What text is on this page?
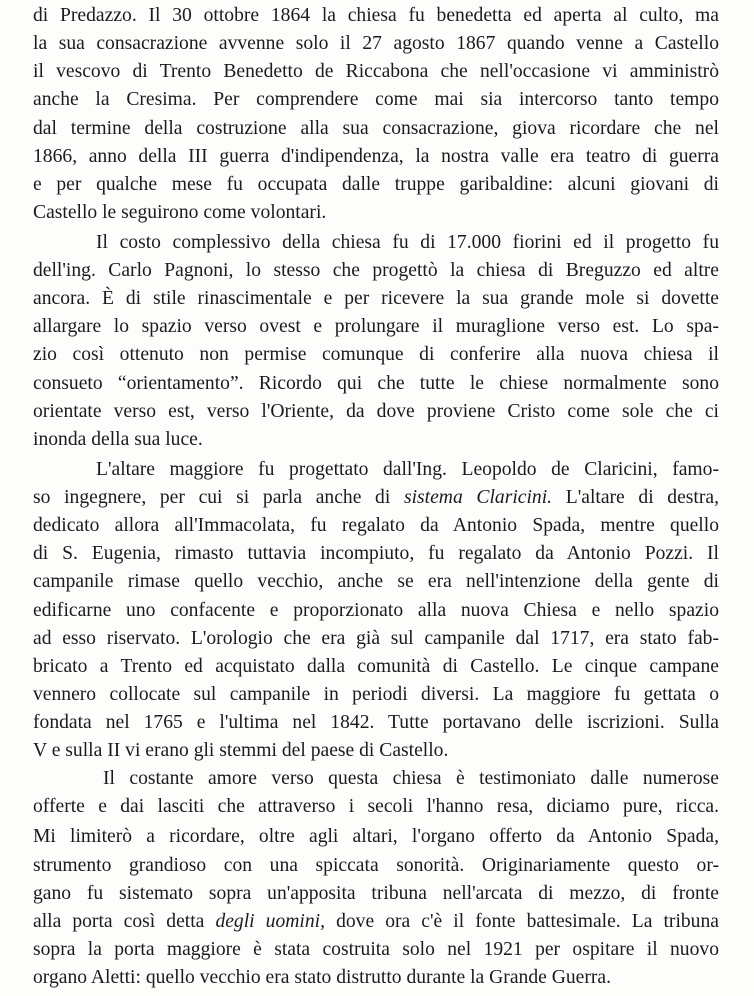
di Predazzo. Il 30 ottobre 1864 la chiesa fu benedetta ed aperta al culto, ma
la sua consacrazione avvenne solo il 27 agosto 1867 quando venne a Castello
il vescovo di Trento Benedetto de Riccabona che nell'occasione vi amministrò
anche la Cresima. Per comprendere come mai sia intercorso tanto tempo
dal termine della costruzione alla sua consacrazione, giova ricordare che nel
1866, anno della III guerra d'indipendenza, la nostra valle era teatro di guerra
e per qualche mese fu occupata dalle truppe garibaldine: alcuni giovani di
Castello le seguirono come volontari.
Il costo complessivo della chiesa fu di 17.000 fiorini ed il progetto fu
dell'ing. Carlo Pagnoni, lo stesso che progettò la chiesa di Breguzzo ed altre
ancora. È di stile rinascimentale e per ricevere la sua grande mole si dovette
allargare lo spazio verso ovest e prolungare il muraglione verso est. Lo spa-
zio così ottenuto non permise comunque di conferire alla nuova chiesa il
consueto “orientamento”. Ricordo qui che tutte le chiese normalmente sono
orientate verso est, verso l'Oriente, da dove proviene Cristo come sole che ci
inonda della sua luce.
L'altare maggiore fu progettato dall'Ing. Leopoldo de Claricini, famo-
so ingegnere, per cui si parla anche di sistema Claricini. L'altare di destra,
dedicato allora all'Immacolata, fu regalato da Antonio Spada, mentre quello
di S. Eugenia, rimasto tuttavia incompiuto, fu regalato da Antonio Pozzi. Il
campanile rimase quello vecchio, anche se era nell'intenzione della gente di
edificarne uno confacente e proporzionato alla nuova Chiesa e nello spazio
ad esso riservato. L'orologio che era già sul campanile dal 1717, era stato fab-
bricato a Trento ed acquistato dalla comunità di Castello. Le cinque campane
vennero collocate sul campanile in periodi diversi. La maggiore fu gettata o
fondata nel 1765 e l'ultima nel 1842. Tutte portavano delle iscrizioni. Sulla
V e sulla II vi erano gli stemmi del paese di Castello.
Il costante amore verso questa chiesa è testimoniato dalle numerose
offerte e dai lasciti che attraverso i secoli l'hanno resa, diciamo pure, ricca.
Mi limiterò a ricordare, oltre agli altari, l'organo offerto da Antonio Spada,
strumento grandioso con una spiccata sonorità. Originariamente questo or-
gano fu sistemato sopra un'apposita tribuna nell'arcata di mezzo, di fronte
alla porta così detta degli uomini, dove ora c'è il fonte battesimale. La tribuna
sopra la porta maggiore è stata costruita solo nel 1921 per ospitare il nuovo
organo Aletti: quello vecchio era stato distrutto durante la Grande Guerra.
